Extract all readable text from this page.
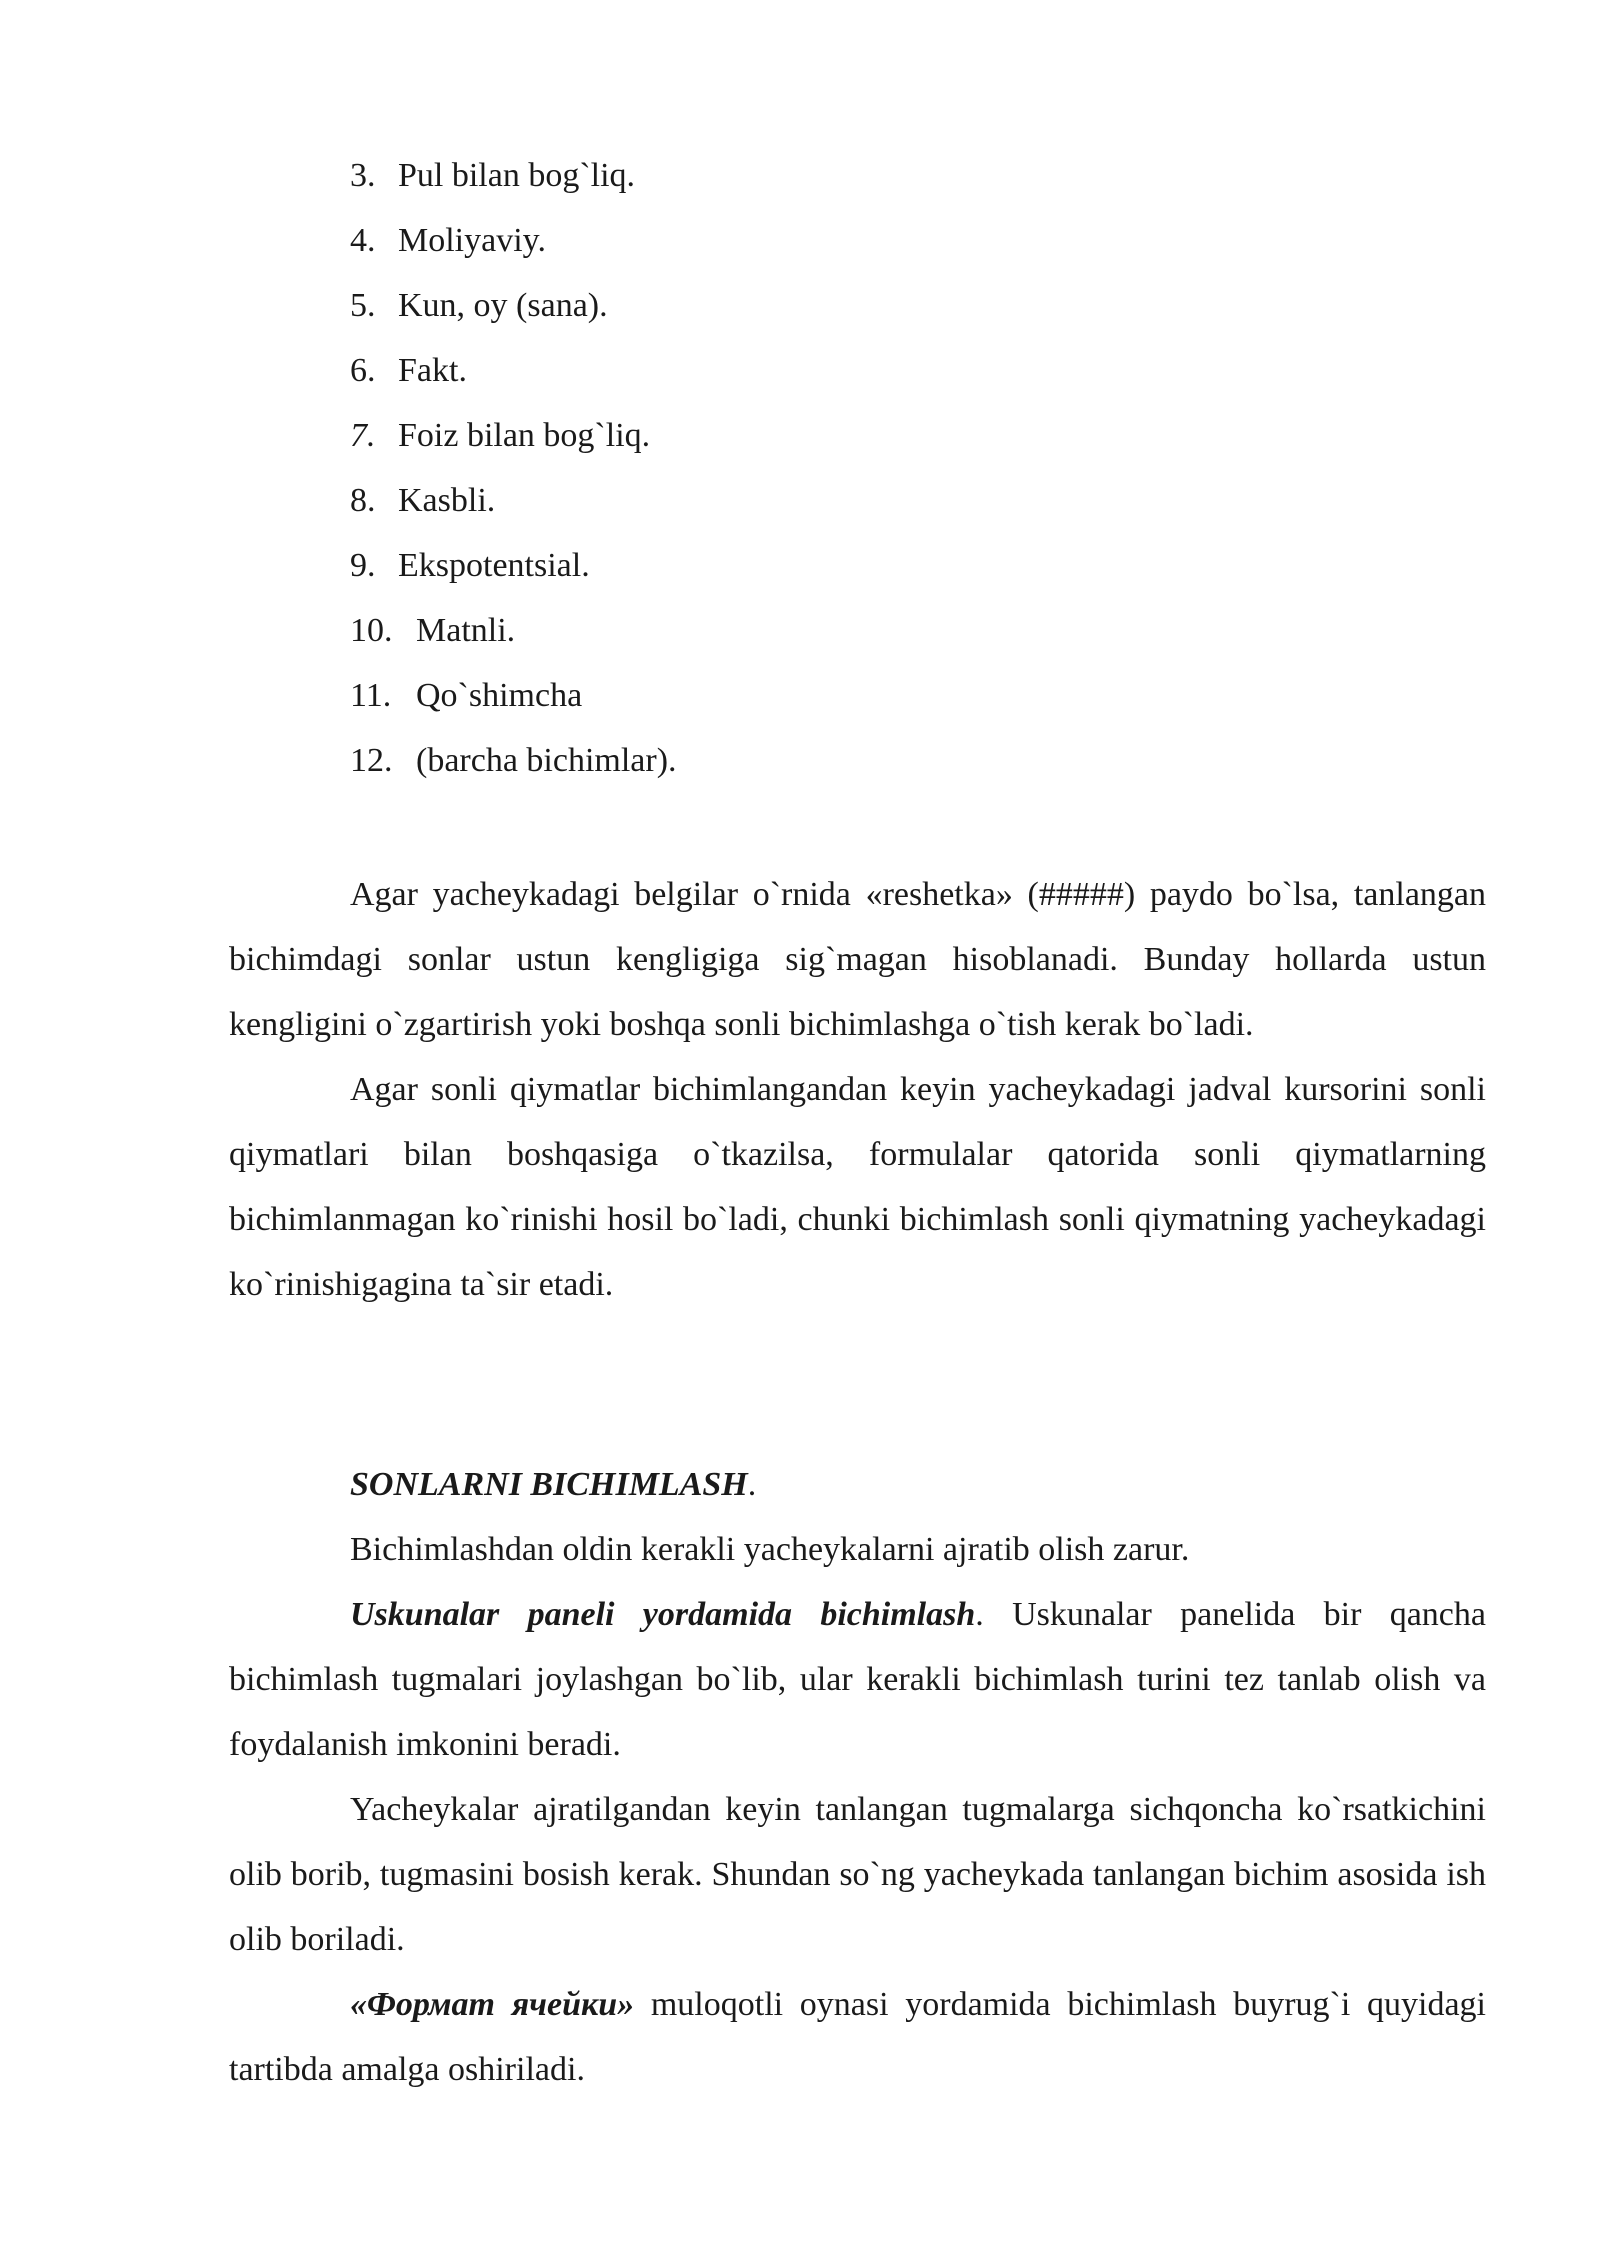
3. Pul bilan bog`liq.
4. Moliyaviy.
5. Kun, oy (sana).
6. Fakt.
7. Foiz bilan bog`liq.
8. Kasbli.
9. Ekspotentsial.
10. Matnli.
11. Qo`shimcha
12. (barcha bichimlar).

Agar yacheykadagi belgilar o`rnida «reshetka» (#####) paydo bo`lsa, tanlangan bichimdagi sonlar ustun kengligiga sig`magan hisoblanadi. Bunday hollarda ustun kengligini o`zgartirish yoki boshqa sonli bichimlashga o`tish kerak bo`ladi.

Agar sonli qiymatlar bichimlangandan keyin yacheykadagi jadval kursorini sonli qiymatlari bilan boshqasiga o`tkazilsa, formulalar qatorida sonli qiymatlarning bichimlanmagan ko`rinishi hosil bo`ladi, chunki bichimlash sonli qiymatning yacheykadagi ko`rinishigagina ta`sir etadi.

SONLARNI BICHIMLASH.

Bichimlashdan oldin kerakli yacheykalarni ajratib olish zarur.

Uskunalar paneli yordamida bichimlash. Uskunalar panelida bir qancha bichimlash tugmalari joylashgan bo`lib, ular kerakli bichimlash turini tez tanlab olish va foydalanish imkonini beradi.

Yacheykalar ajratilgandan keyin tanlangan tugmalarga sichqoncha ko`rsatkichini olib borib, tugmasini bosish kerak. Shundan so`ng yacheykada tanlangan bichim asosida ish olib boriladi.

«Формат ячейки» muloqotli oynasi yordamida bichimlash buyrug`i quyidagi tartibda amalga oshiriladi.
